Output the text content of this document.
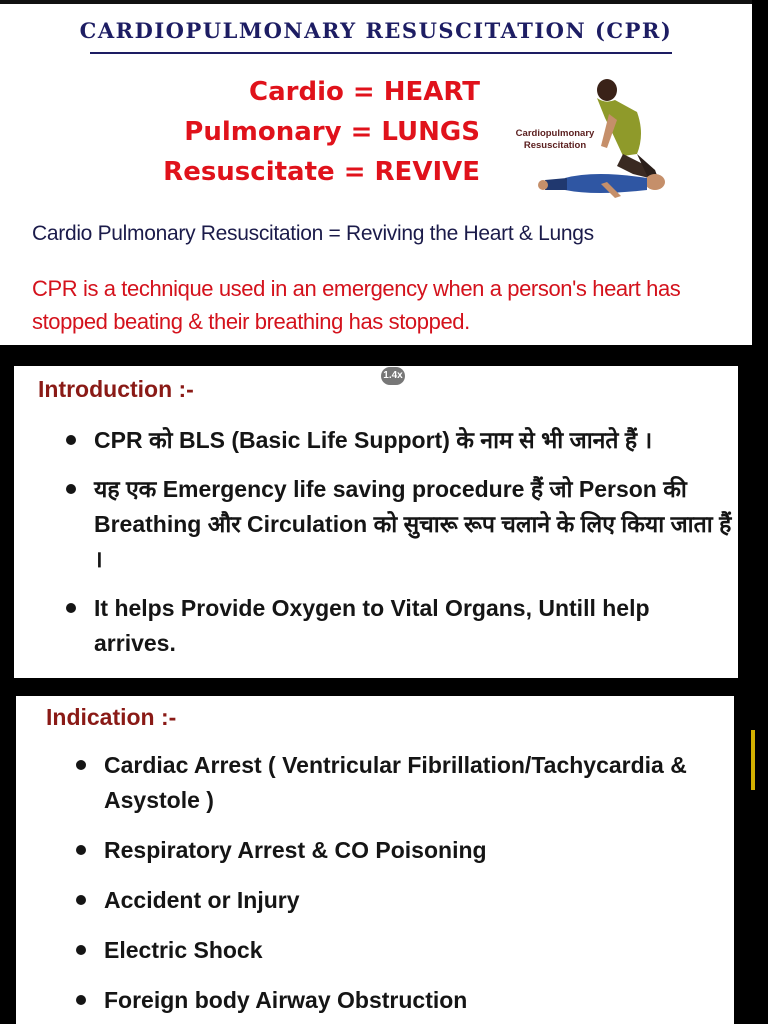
CARDIOPULMONARY RESUSCITATION (CPR)
Cardio = HEART
Pulmonary = LUNGS
Resuscitate = REVIVE
Cardiopulmonary
Resuscitation
Cardio Pulmonary Resuscitation = Reviving the Heart & Lungs
CPR is a technique used in an emergency when a person's heart has stopped beating & their breathing has stopped.
Introduction :-
CPR को BLS (Basic Life Support) के नाम से भी जानते हैं ।
यह एक Emergency life saving procedure हैं जो Person की Breathing और Circulation को सुचारू रूप चलाने के लिए किया जाता हैं ।
It helps Provide Oxygen to Vital Organs, Untill help arrives.
1.4x
Indication :-
Cardiac Arrest ( Ventricular Fibrillation/Tachycardia & Asystole )
Respiratory Arrest & CO Poisoning
Accident or Injury
Electric Shock
Foreign body Airway Obstruction
